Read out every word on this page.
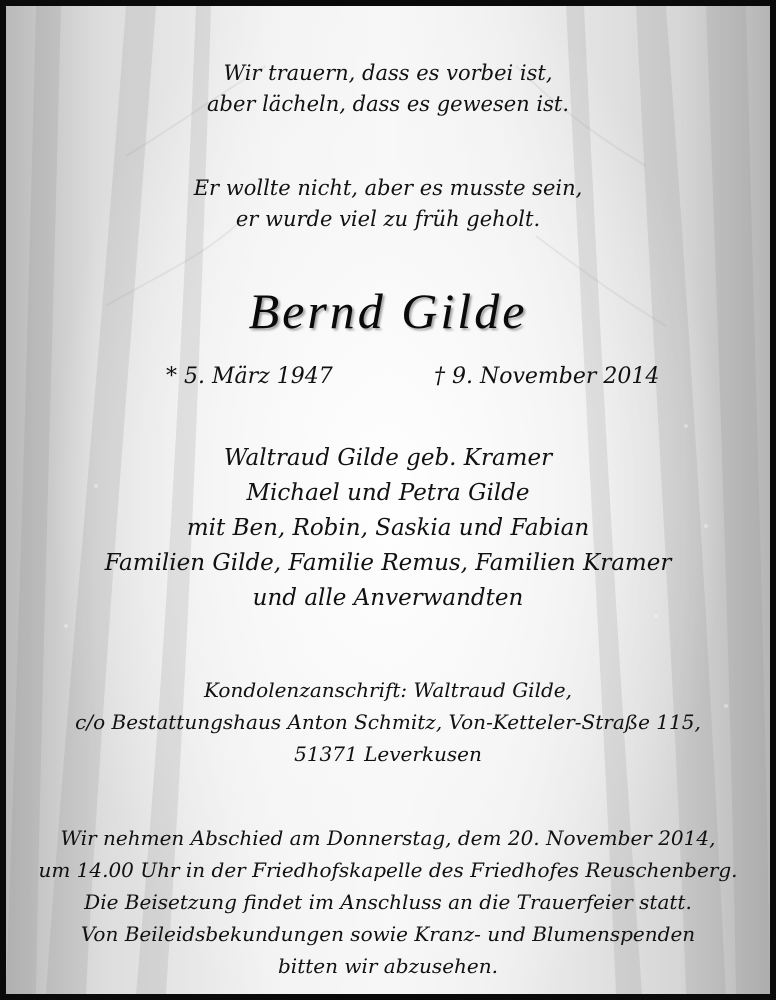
Wir trauern, dass es vorbei ist,
aber lächeln, dass es gewesen ist.
Er wollte nicht, aber es musste sein,
er wurde viel zu früh geholt.
Bernd Gilde
* 5. März 1947	† 9. November 2014
Waltraud Gilde geb. Kramer
Michael und Petra Gilde
mit Ben, Robin, Saskia und Fabian
Familien Gilde, Familie Remus, Familien Kramer
und alle Anverwandten
Kondolenzanschrift: Waltraud Gilde,
c/o Bestattungshaus Anton Schmitz, Von-Ketteler-Straße 115,
51371 Leverkusen
Wir nehmen Abschied am Donnerstag, dem 20. November 2014,
um 14.00 Uhr in der Friedhofskapelle des Friedhofes Reuschenberg.
Die Beisetzung findet im Anschluss an die Trauerfeier statt.
Von Beileidsbekundungen sowie Kranz- und Blumenspenden
bitten wir abzusehen.
